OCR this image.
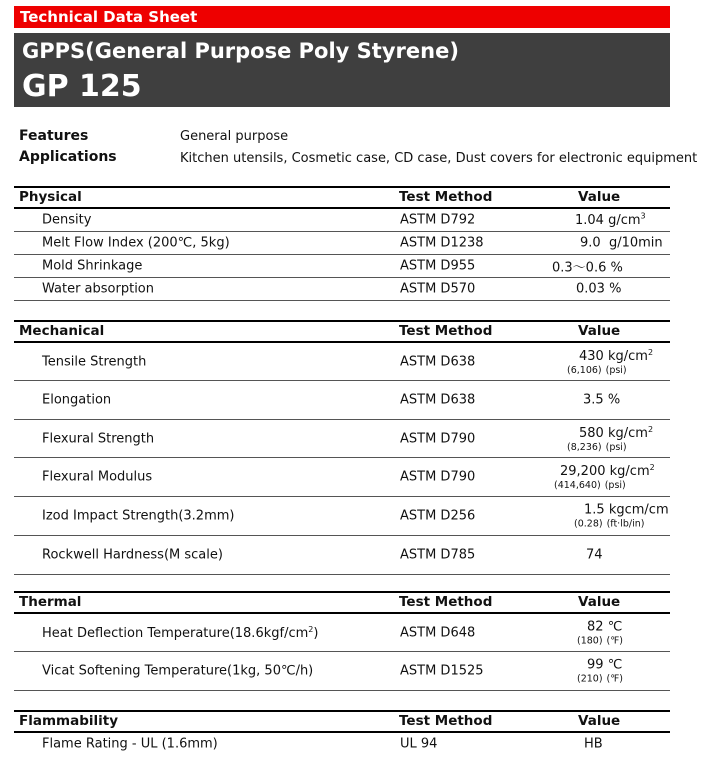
Technical Data Sheet
GPPS(General Purpose Poly Styrene)
GP 125
Features	General purpose
Applications	Kitchen utensils, Cosmetic case, CD case, Dust covers for electronic equipment
Physical	Test Method	Value
Density	ASTM D792	1.04 $g/cm^3$
Melt Flow Index (200℃, 5kg)	ASTM D1238	9.0 g/10min
Mold Shrinkage	ASTM D955	0.3～0.6 %
Water absorption	ASTM D570	0.03 %
Mechanical	Test Method	Value
Tensile Strength	ASTM D638	430 $kg/cm^2$
(6,106) (psi)
Elongation	ASTM D638	3.5 %
Flexural Strength	ASTM D790	580 $kg/cm^2$
(8,236) (psi)
Flexural Modulus	ASTM D790	29,200 $kg/cm^2$
(414,640) (psi)
Izod Impact Strength(3.2mm)	ASTM D256	1.5 kgcm/cm
(0.28) (ft·lb/in)
Rockwell Hardness(M scale)	ASTM D785	74
Thermal	Test Method	Value
Heat Deflection $Temperature(18.6kgf/cm^2)$	ASTM D648	82 ℃
(180) (℉)
Vicat Softening Temperature(1kg, 50℃/h)	ASTM D1525	99 ℃
(210) (℉)
Flammability	Test Method	Value
Flame Rating - UL (1.6mm)	UL 94	HB
